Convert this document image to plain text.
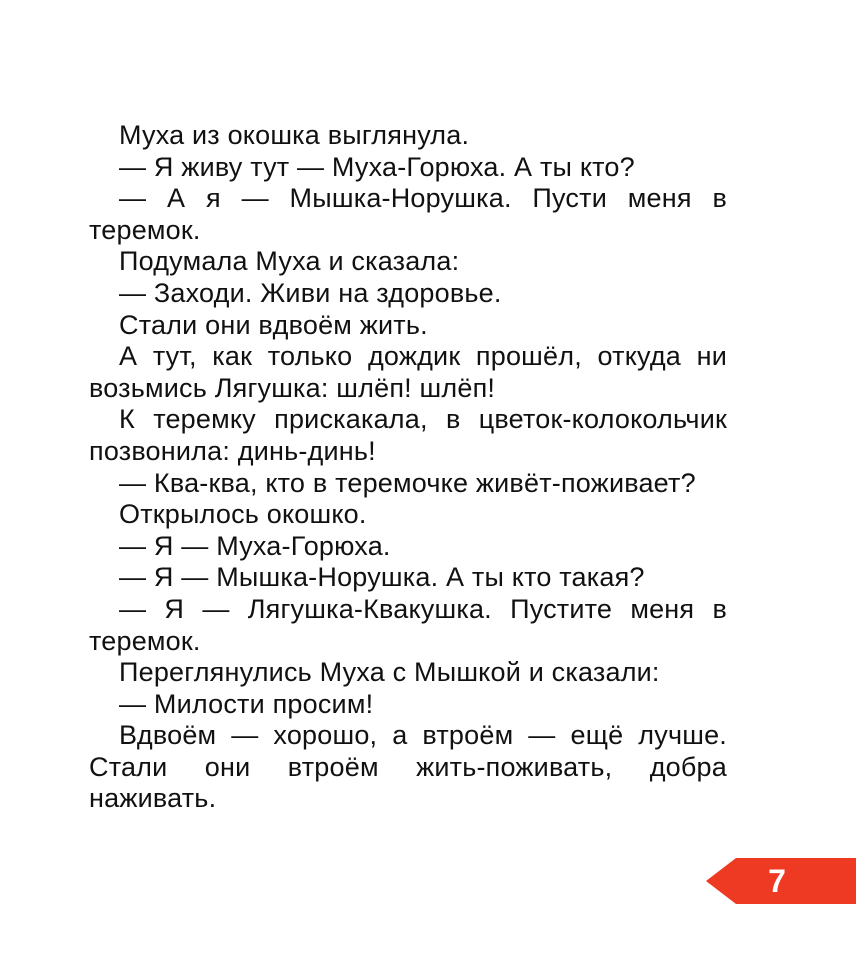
Муха из окошка выглянула.

— Я живу тут — Муха-Горюха. А ты кто?

— А я — Мышка-Норушка. Пусти меня в теремок.

Подумала Муха и сказала:

— Заходи. Живи на здоровье.

Стали они вдвоём жить.

А тут, как только дождик прошёл, откуда ни возьмись Лягушка: шлёп! шлёп!

К теремку прискакала, в цветок-колокольчик позвонила: динь-динь!

— Ква-ква, кто в теремочке живёт-поживает?

Открылось окошко.

— Я — Муха-Горюха.

— Я — Мышка-Норушка. А ты кто такая?

— Я — Лягушка-Квакушка. Пустите меня в теремок.

Переглянулись Муха с Мышкой и сказали:

— Милости просим!

Вдвоём — хорошо, а втроём — ещё лучше. Стали они втроём жить-поживать, добра наживать.

7
